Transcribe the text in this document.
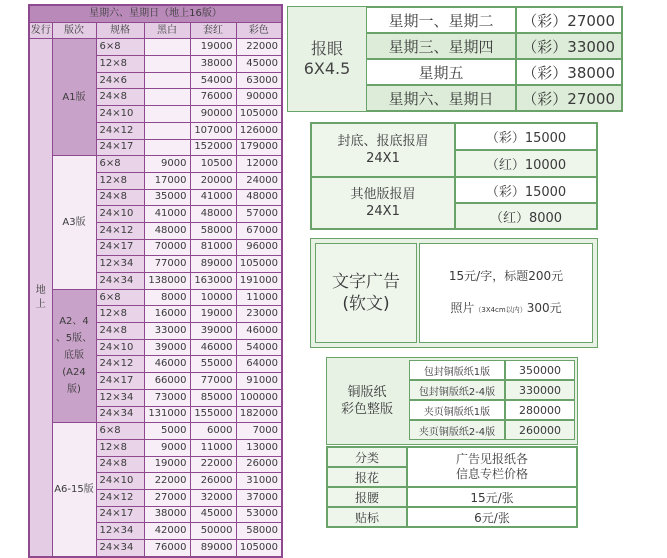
星期六、星期日（地上16版）					
发行	版次	规格	黑白	套红	彩色
地
上	A1版	6×8		19000	22000
		12×8		38000	45000
		24×6		54000	63000
		24×8		76000	90000
		24×10		90000	105000
		24×12		107000	126000
		24×17		152000	179000
	A3版	6×8	9000	10500	12000
		12×8	17000	20000	24000
		24×8	35000	41000	48000
		24×10	41000	48000	57000
		24×12	48000	58000	67000
		24×17	70000	81000	96000
		12×34	77000	89000	105000
		24×34	138000	163000	191000
	A2、4
、5版、
底版
(A24
版)	6×8	8000	10000	11000
		12×8	16000	19000	23000
		24×8	33000	39000	46000
		24×10	39000	46000	54000
		24×12	46000	55000	64000
		24×17	66000	77000	91000
		12×34	73000	85000	100000
		24×34	131000	155000	182000
	A6-15版	6×8	5000	6000	7000
		12×8	9000	11000	13000
		24×8	19000	22000	26000
		24×10	22000	26000	31000
		24×12	27000	32000	37000
		24×17	38000	45000	53000
		12×34	42000	50000	58000
		24×34	76000	89000	105000
报眼
6X4.5
星期一、星期二	（彩）27000
星期三、星期四	（彩）33000
星期五	（彩）38000
星期六、星期日	（彩）27000
封底、报底报眉
24X1
（彩）15000
（红）10000
其他版报眉
24X1
（彩）15000
（红）8000
文字广告
(软文)
15元/字，标题200元

照片（3X4cm以内）300元

铜版纸
彩色整版
包封铜版纸1版	350000
包封铜版纸2-4版	330000
夹页铜版纸1版	280000
夹页铜版纸2-4版	260000
分类
报花
广告见报纸各
信息专栏价格
报腰	15元/张
贴标	6元/张
